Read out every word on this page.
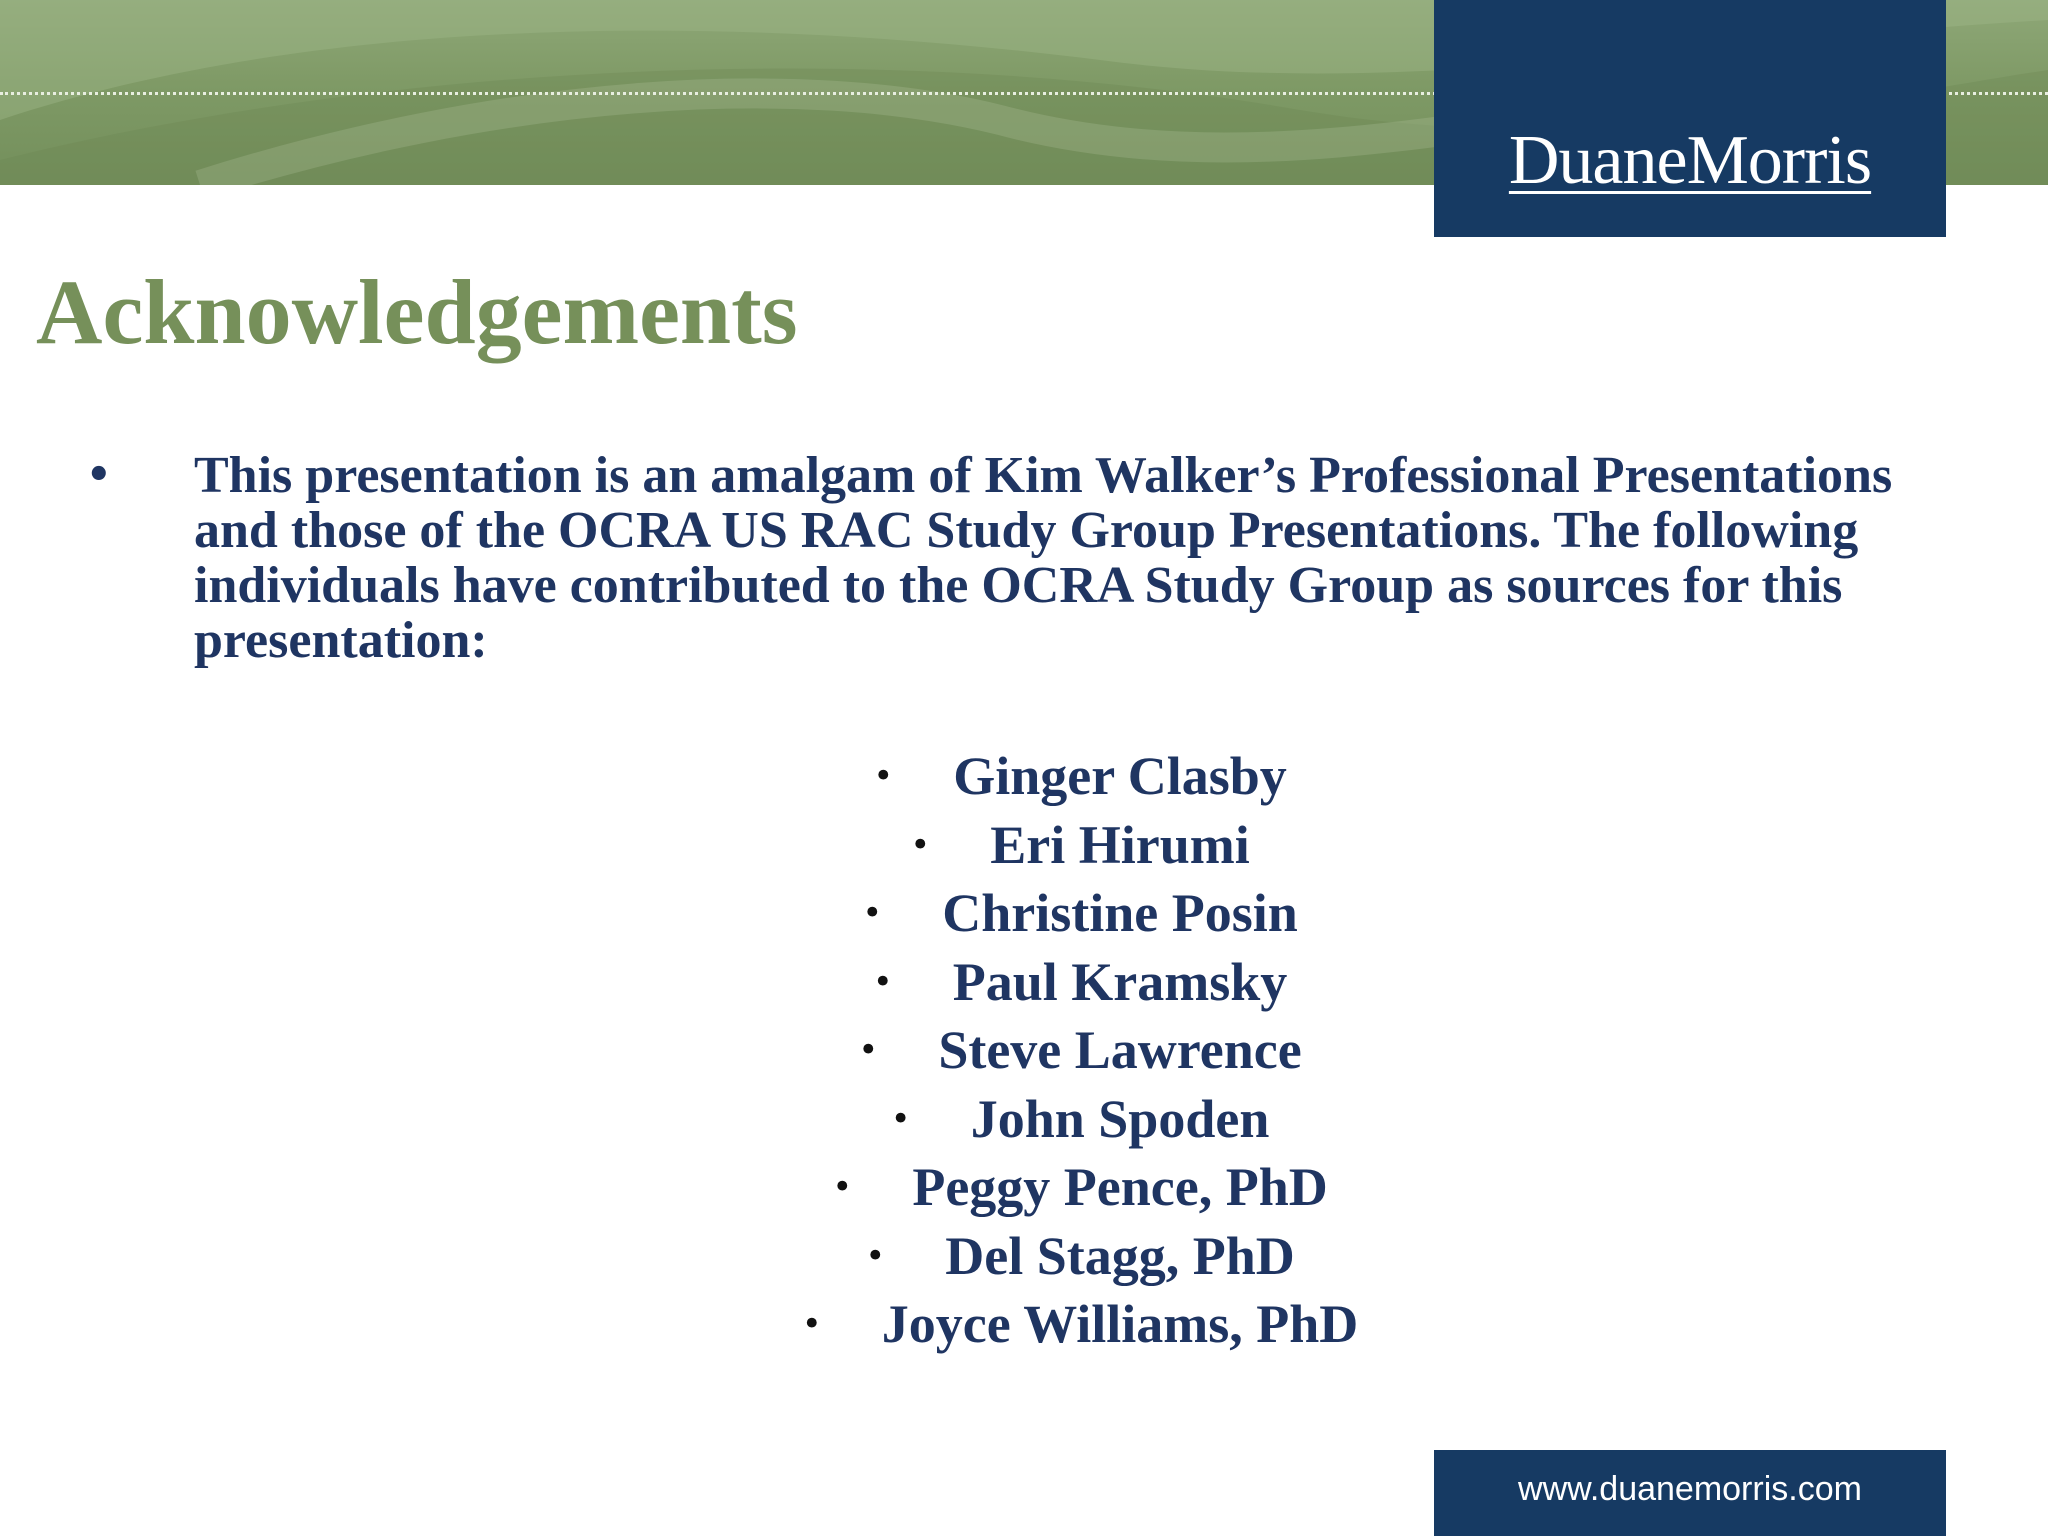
DuaneMorris
Acknowledgements
•	This presentation is an amalgam of Kim Walker’s Professional Presentations and those of the OCRA US RAC Study Group Presentations. The following individuals have contributed to the OCRA Study Group as sources for this presentation:
• Ginger Clasby
• Eri Hirumi
• Christine Posin
• Paul Kramsky
• Steve Lawrence
• John Spoden
• Peggy Pence, PhD
• Del Stagg, PhD
• Joyce Williams, PhD
www.duanemorris.com
